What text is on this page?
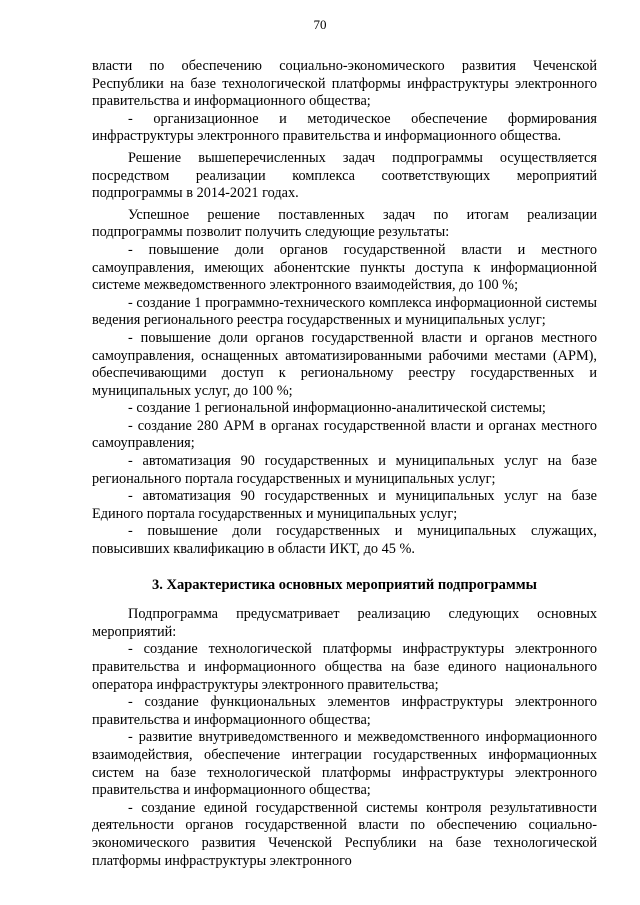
70

власти по обеспечению социально-экономического развития Чеченской Республики на базе технологической платформы инфраструктуры электронного правительства и информационного общества;

- организационное и методическое обеспечение формирования инфраструктуры электронного правительства и информационного общества.

Решение вышеперечисленных задач подпрограммы осуществляется посредством реализации комплекса соответствующих мероприятий подпрограммы в 2014-2021 годах.

Успешное решение поставленных задач по итогам реализации подпрограммы позволит получить следующие результаты:

- повышение доли органов государственной власти и местного самоуправления, имеющих абонентские пункты доступа к информационной системе межведомственного электронного взаимодействия, до 100 %;

- создание 1 программно-технического комплекса информационной системы ведения регионального реестра государственных и муниципальных услуг;

- повышение доли органов государственной власти и органов местного самоуправления, оснащенных автоматизированными рабочими местами (АРМ), обеспечивающими доступ к региональному реестру государственных и муниципальных услуг, до 100 %;

- создание 1 региональной информационно-аналитической системы;

- создание 280 АРМ в органах государственной власти и органах местного самоуправления;

- автоматизация 90 государственных и муниципальных услуг на базе регионального портала государственных и муниципальных услуг;

- автоматизация 90 государственных и муниципальных услуг на базе Единого портала государственных и муниципальных услуг;

- повышение доли государственных и муниципальных служащих, повысивших квалификацию в области ИКТ, до 45 %.

3. Характеристика основных мероприятий подпрограммы

Подпрограмма предусматривает реализацию следующих основных мероприятий:

- создание технологической платформы инфраструктуры электронного правительства и информационного общества на базе единого национального оператора инфраструктуры электронного правительства;

- создание функциональных элементов инфраструктуры электронного правительства и информационного общества;

- развитие внутриведомственного и межведомственного информационного взаимодействия, обеспечение интеграции государственных информационных систем на базе технологической платформы инфраструктуры электронного правительства и информационного общества;

- создание единой государственной системы контроля результативности деятельности органов государственной власти по обеспечению социально-экономического развития Чеченской Республики на базе технологической платформы инфраструктуры электронного
